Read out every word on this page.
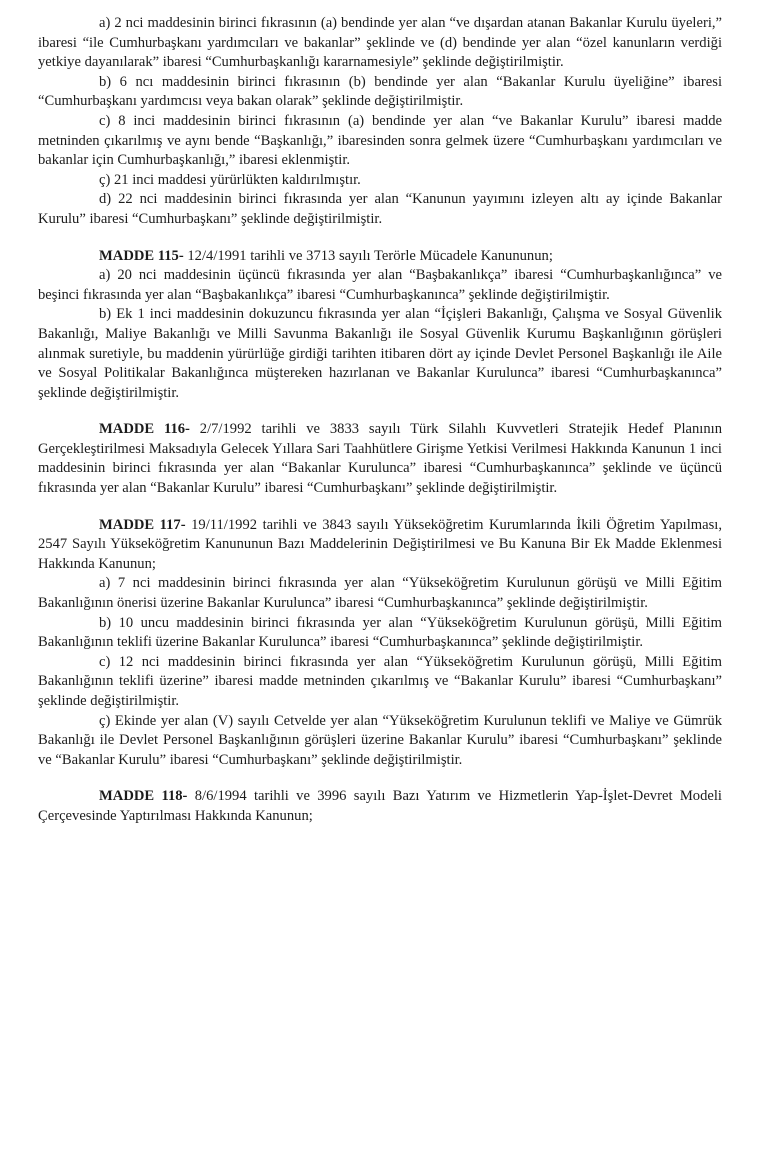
a) 2 nci maddesinin birinci fıkrasının (a) bendinde yer alan “ve dışardan atanan Bakanlar Kurulu üyeleri,” ibaresi “ile Cumhurbaşkanı yardımcıları ve bakanlar” şeklinde ve (d) bendinde yer alan “özel kanunların verdiği yetkiye dayanılarak” ibaresi “Cumhurbaşkanlığı kararnamesiyle” şeklinde değiştirilmiştir.

b) 6 ncı maddesinin birinci fıkrasının (b) bendinde yer alan “Bakanlar Kurulu üyeliğine” ibaresi “Cumhurbaşkanı yardımcısı veya bakan olarak” şeklinde değiştirilmiştir.

c) 8 inci maddesinin birinci fıkrasının (a) bendinde yer alan “ve Bakanlar Kurulu” ibaresi madde metninden çıkarılmış ve aynı bende “Başkanlığı,” ibaresinden sonra gelmek üzere “Cumhurbaşkanı yardımcıları ve bakanlar için Cumhurbaşkanlığı,” ibaresi eklenmiştir.

ç) 21 inci maddesi yürürlükten kaldırılmıştır.

d) 22 nci maddesinin birinci fıkrasında yer alan “Kanunun yayımını izleyen altı ay içinde Bakanlar Kurulu” ibaresi “Cumhurbaşkanı” şeklinde değiştirilmiştir.

MADDE 115- 12/4/1991 tarihli ve 3713 sayılı Terörle Mücadele Kanununun;

a) 20 nci maddesinin üçüncü fıkrasında yer alan “Başbakanlıkça” ibaresi “Cumhurbaşkanlığınca” ve beşinci fıkrasında yer alan “Başbakanlıkça” ibaresi “Cumhurbaşkanınca” şeklinde değiştirilmiştir.

b) Ek 1 inci maddesinin dokuzuncu fıkrasında yer alan “İçişleri Bakanlığı, Çalışma ve Sosyal Güvenlik Bakanlığı, Maliye Bakanlığı ve Milli Savunma Bakanlığı ile Sosyal Güvenlik Kurumu Başkanlığının görüşleri alınmak suretiyle, bu maddenin yürürlüğe girdiği tarihten itibaren dört ay içinde Devlet Personel Başkanlığı ile Aile ve Sosyal Politikalar Bakanlığınca müştereken hazırlanan ve Bakanlar Kurulunca” ibaresi “Cumhurbaşkanınca” şeklinde değiştirilmiştir.

MADDE 116- 2/7/1992 tarihli ve 3833 sayılı Türk Silahlı Kuvvetleri Stratejik Hedef Planının Gerçekleştirilmesi Maksadıyla Gelecek Yıllara Sari Taahhütlere Girişme Yetkisi Verilmesi Hakkında Kanunun 1 inci maddesinin birinci fıkrasında yer alan “Bakanlar Kurulunca” ibaresi “Cumhurbaşkanınca” şeklinde ve üçüncü fıkrasında yer alan “Bakanlar Kurulu” ibaresi “Cumhurbaşkanı” şeklinde değiştirilmiştir.

MADDE 117- 19/11/1992 tarihli ve 3843 sayılı Yükseköğretim Kurumlarında İkili Öğretim Yapılması, 2547 Sayılı Yükseköğretim Kanununun Bazı Maddelerinin Değiştirilmesi ve Bu Kanuna Bir Ek Madde Eklenmesi Hakkında Kanunun;

a) 7 nci maddesinin birinci fıkrasında yer alan “Yükseköğretim Kurulunun görüşü ve Milli Eğitim Bakanlığının önerisi üzerine Bakanlar Kurulunca” ibaresi “Cumhurbaşkanınca” şeklinde değiştirilmiştir.

b) 10 uncu maddesinin birinci fıkrasında yer alan “Yükseköğretim Kurulunun görüşü, Milli Eğitim Bakanlığının teklifi üzerine Bakanlar Kurulunca” ibaresi “Cumhurbaşkanınca” şeklinde değiştirilmiştir.

c) 12 nci maddesinin birinci fıkrasında yer alan “Yükseköğretim Kurulunun görüşü, Milli Eğitim Bakanlığının teklifi üzerine” ibaresi madde metninden çıkarılmış ve “Bakanlar Kurulu” ibaresi “Cumhurbaşkanı” şeklinde değiştirilmiştir.

ç) Ekinde yer alan (V) sayılı Cetvelde yer alan “Yükseköğretim Kurulunun teklifi ve Maliye ve Gümrük Bakanlığı ile Devlet Personel Başkanlığının görüşleri üzerine Bakanlar Kurulu” ibaresi “Cumhurbaşkanı” şeklinde ve “Bakanlar Kurulu” ibaresi “Cumhurbaşkanı” şeklinde değiştirilmiştir.

MADDE 118- 8/6/1994 tarihli ve 3996 sayılı Bazı Yatırım ve Hizmetlerin Yap-İşlet-Devret Modeli Çerçevesinde Yaptırılması Hakkında Kanunun;
